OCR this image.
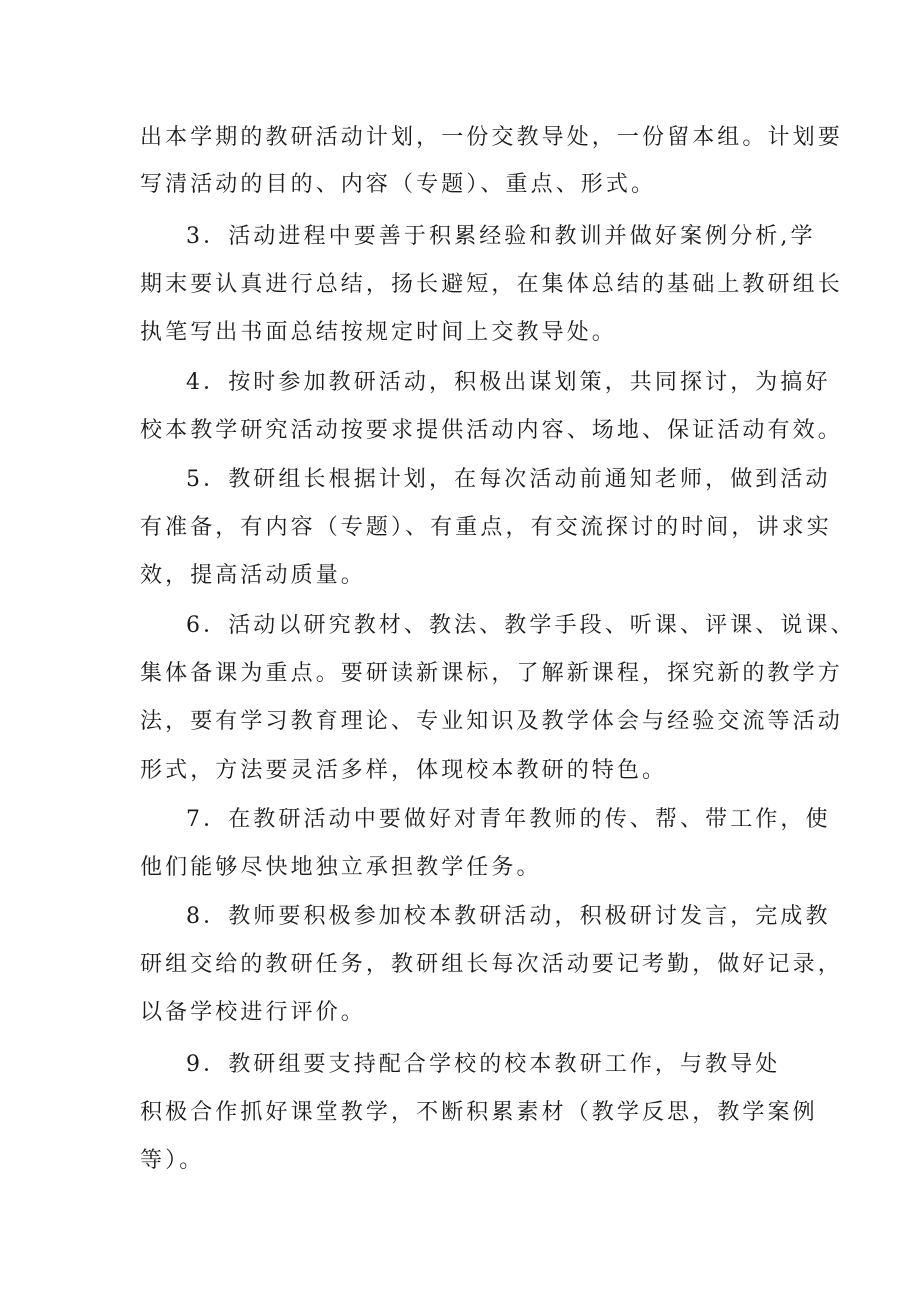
出本学期的教研活动计划，一份交教导处，一份留本组。计划要
写清活动的目的、内容（专题）、重点、形式。
3．活动进程中要善于积累经验和教训并做好案例分析,学
期末要认真进行总结，扬长避短，在集体总结的基础上教研组长
执笔写出书面总结按规定时间上交教导处。
4．按时参加教研活动，积极出谋划策，共同探讨，为搞好
校本教学研究活动按要求提供活动内容、场地、保证活动有效。
5．教研组长根据计划，在每次活动前通知老师，做到活动
有准备，有内容（专题）、有重点，有交流探讨的时间，讲求实
效，提高活动质量。
6．活动以研究教材、教法、教学手段、听课、评课、说课、
集体备课为重点。要研读新课标，了解新课程，探究新的教学方
法，要有学习教育理论、专业知识及教学体会与经验交流等活动
形式，方法要灵活多样，体现校本教研的特色。
7．在教研活动中要做好对青年教师的传、帮、带工作，使
他们能够尽快地独立承担教学任务。
8．教师要积极参加校本教研活动，积极研讨发言，完成教
研组交给的教研任务，教研组长每次活动要记考勤，做好记录，
以备学校进行评价。
9．教研组要支持配合学校的校本教研工作，与教导处
积极合作抓好课堂教学，不断积累素材（教学反思，教学案例
等）。
